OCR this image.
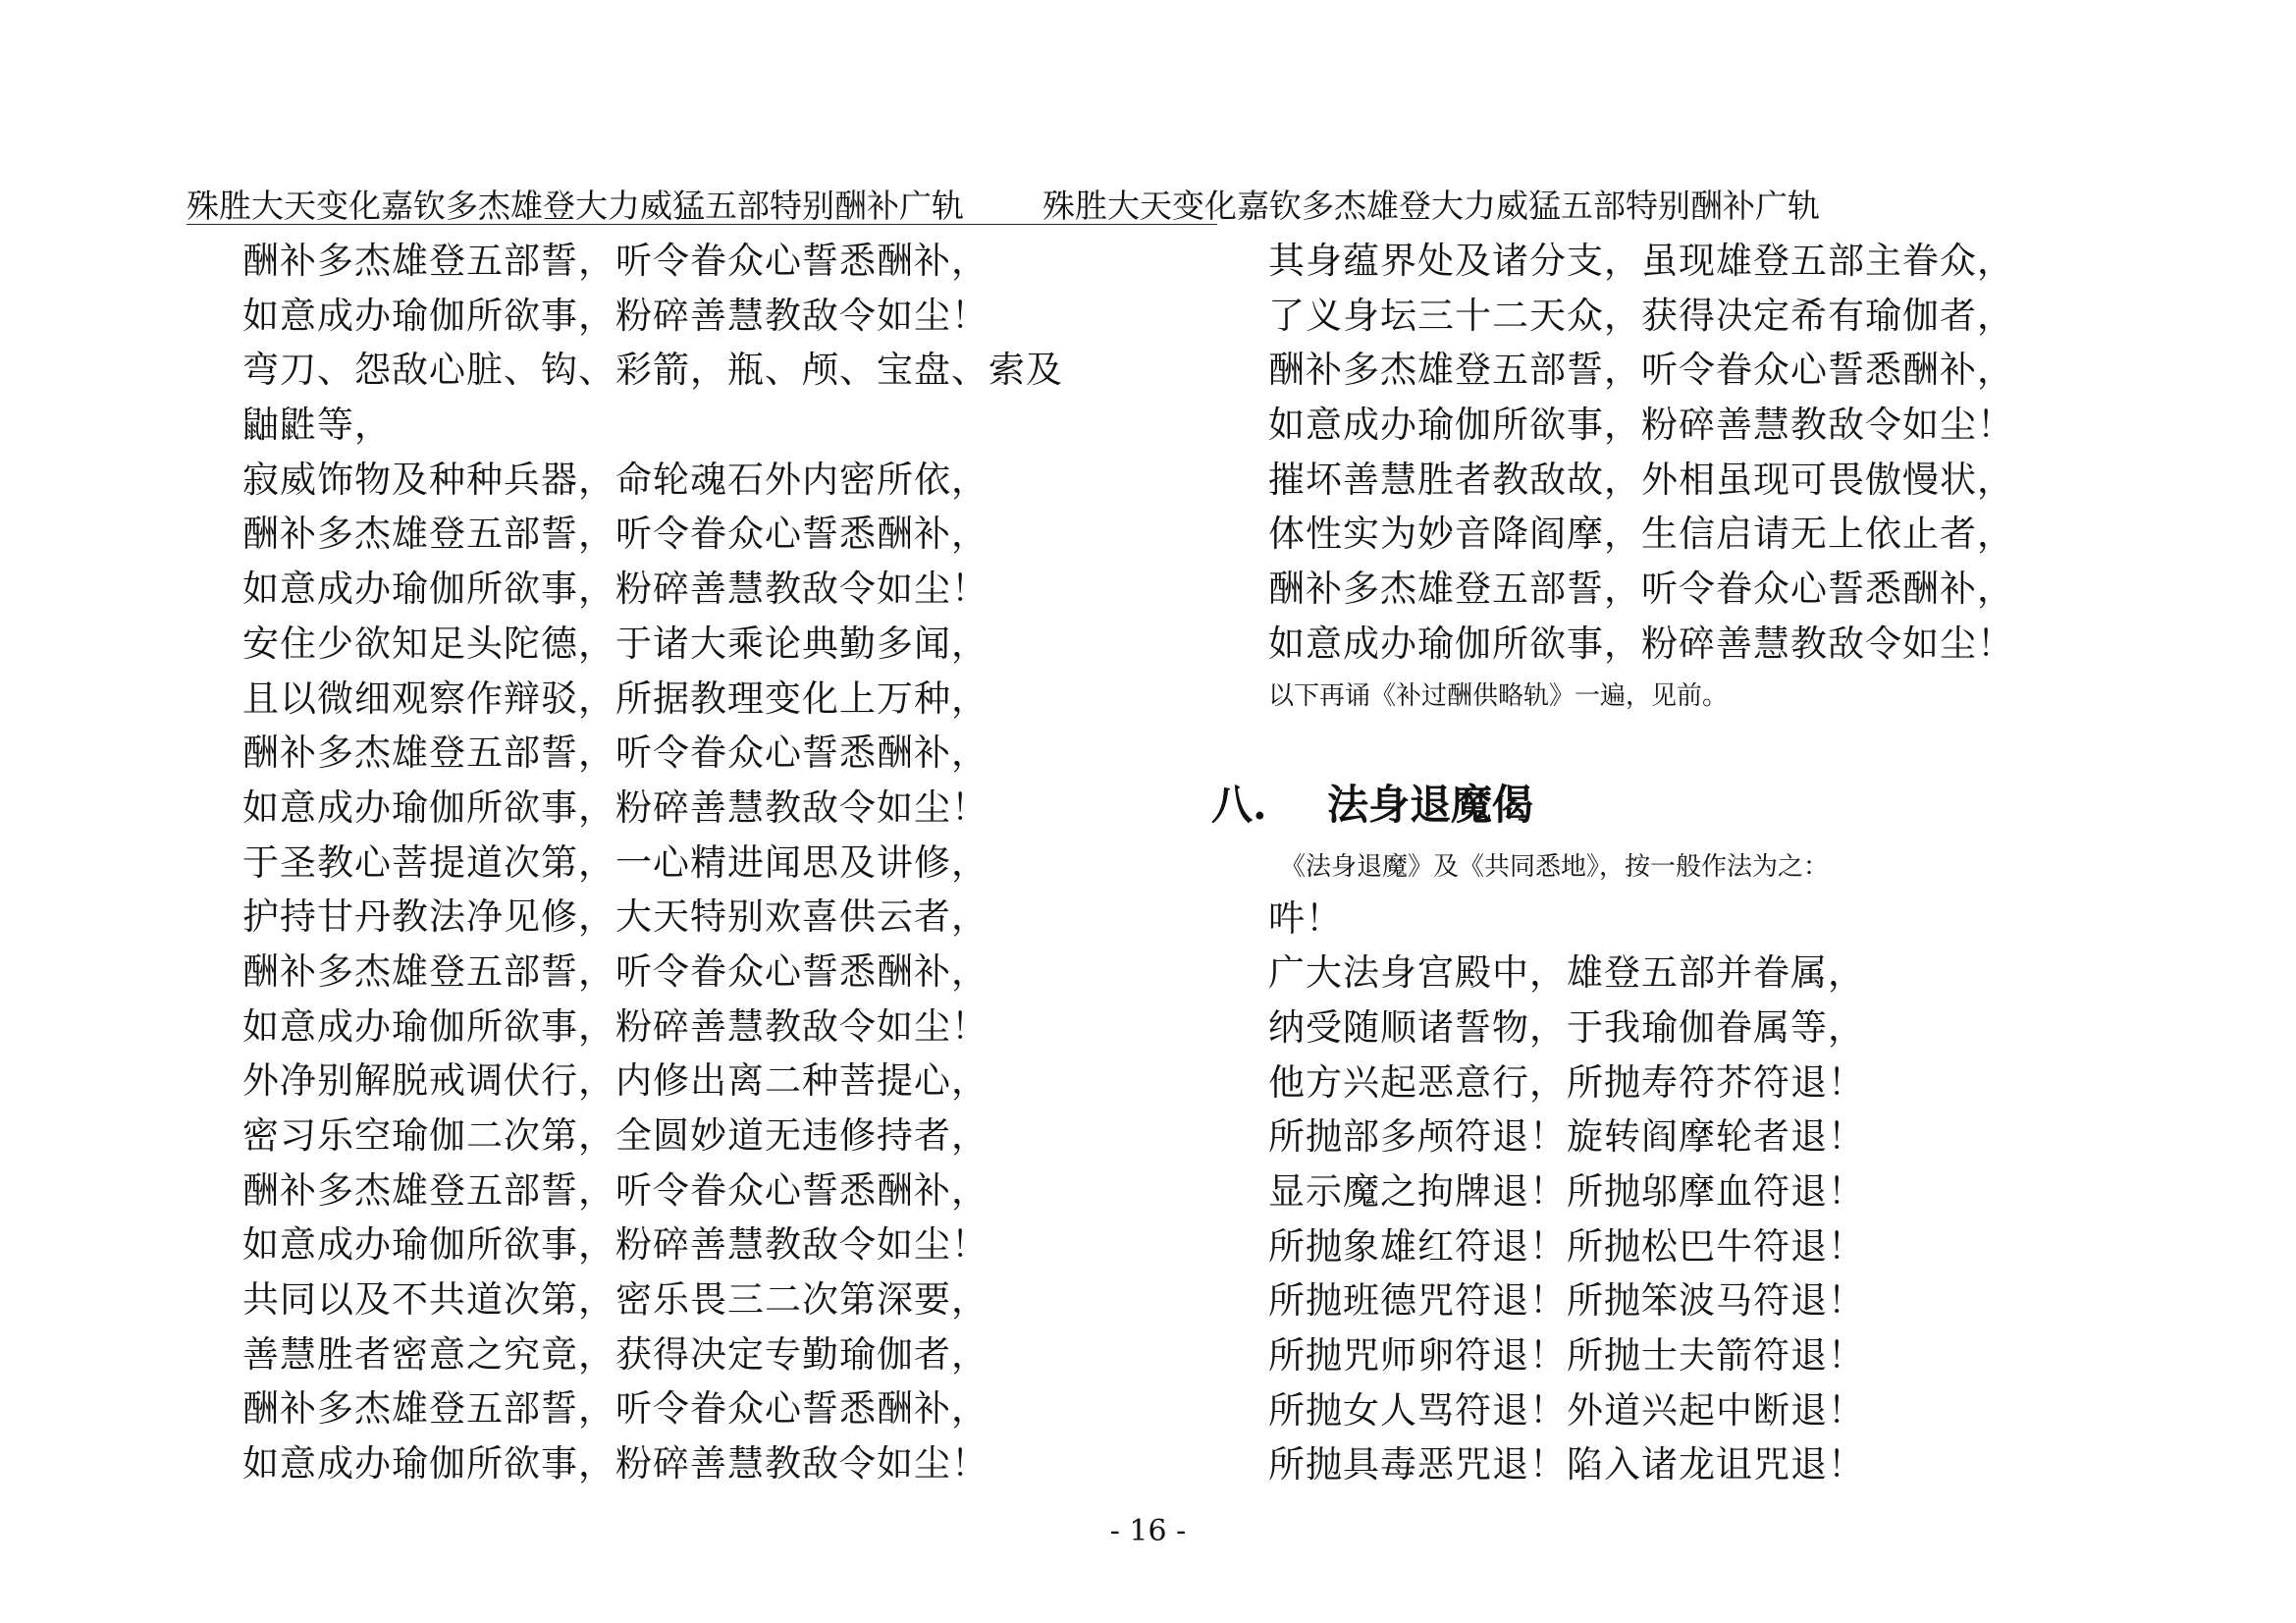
殊胜大天变化嘉钦多杰雄登大力威猛五部特别酬补广轨 殊胜大天变化嘉钦多杰雄登大力威猛五部特别酬补广轨
酬补多杰雄登五部誓，听令眷众心誓悉酬补，
如意成办瑜伽所欲事，粉碎善慧教敌令如尘！
弯刀、怨敌心脏、钩、彩箭，瓶、颅、宝盘、索及
鼬鼪等，
寂威饰物及种种兵器，命轮魂石外内密所依，
酬补多杰雄登五部誓，听令眷众心誓悉酬补，
如意成办瑜伽所欲事，粉碎善慧教敌令如尘！
安住少欲知足头陀德，于诸大乘论典勤多闻，
且以微细观察作辩驳，所据教理变化上万种，
酬补多杰雄登五部誓，听令眷众心誓悉酬补，
如意成办瑜伽所欲事，粉碎善慧教敌令如尘！
于圣教心菩提道次第，一心精进闻思及讲修，
护持甘丹教法净见修，大天特别欢喜供云者，
酬补多杰雄登五部誓，听令眷众心誓悉酬补，
如意成办瑜伽所欲事，粉碎善慧教敌令如尘！
外净别解脱戒调伏行，内修出离二种菩提心，
密习乐空瑜伽二次第，全圆妙道无违修持者，
酬补多杰雄登五部誓，听令眷众心誓悉酬补，
如意成办瑜伽所欲事，粉碎善慧教敌令如尘！
共同以及不共道次第，密乐畏三二次第深要，
善慧胜者密意之究竟，获得决定专勤瑜伽者，
酬补多杰雄登五部誓，听令眷众心誓悉酬补，
如意成办瑜伽所欲事，粉碎善慧教敌令如尘！
其身蕴界处及诸分支，虽现雄登五部主眷众，
了义身坛三十二天众，获得决定希有瑜伽者，
酬补多杰雄登五部誓，听令眷众心誓悉酬补，
如意成办瑜伽所欲事，粉碎善慧教敌令如尘！
摧坏善慧胜者教敌故，外相虽现可畏傲慢状，
体性实为妙音降阎摩，生信启请无上依止者，
酬补多杰雄登五部誓，听令眷众心誓悉酬补，
如意成办瑜伽所欲事，粉碎善慧教敌令如尘！
以下再诵《补过酬供略轨》一遍，见前。
八. 法身退魔偈
《法身退魔》及《共同悉地》，按一般作法为之：
吽！
广大法身宫殿中，雄登五部并眷属，
纳受随顺诸誓物，于我瑜伽眷属等，
他方兴起恶意行，所抛寿符芥符退！
所抛部多颅符退！旋转阎摩轮者退！
显示魔之拘牌退！所抛邬摩血符退！
所抛象雄红符退！所抛松巴牛符退！
所抛班德咒符退！所抛笨波马符退！
所抛咒师卵符退！所抛士夫箭符退！
所抛女人骂符退！外道兴起中断退！
所抛具毒恶咒退！陷入诸龙诅咒退！
- 16 -
